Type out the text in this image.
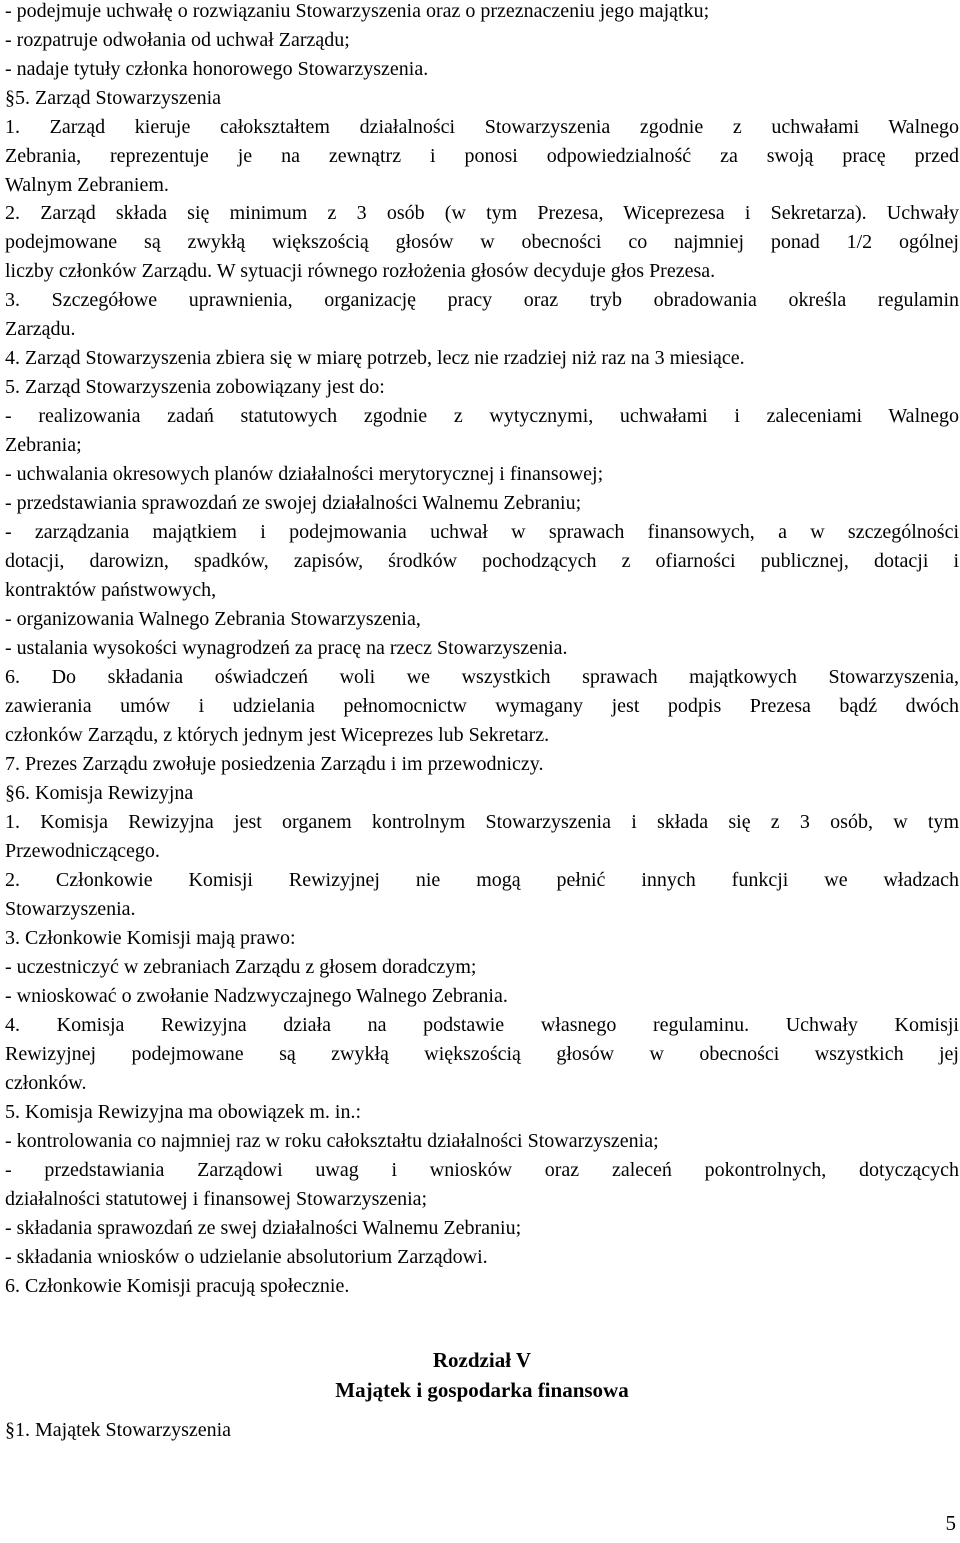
- podejmuje uchwałę o rozwiązaniu Stowarzyszenia oraz o przeznaczeniu jego majątku;
- rozpatruje odwołania od uchwał Zarządu;
- nadaje tytuły członka honorowego Stowarzyszenia.
§5. Zarząd Stowarzyszenia
1. Zarząd kieruje całokształtem działalności Stowarzyszenia zgodnie z uchwałami Walnego
Zebrania, reprezentuje je na zewnątrz i ponosi odpowiedzialność za swoją pracę przed
Walnym Zebraniem.
2. Zarząd składa się minimum z 3 osób (w tym Prezesa, Wiceprezesa i Sekretarza). Uchwały
podejmowane są zwykłą większością głosów w obecności co najmniej ponad 1/2 ogólnej
liczby członków Zarządu. W sytuacji równego rozłożenia głosów decyduje głos Prezesa.
3. Szczegółowe uprawnienia, organizację pracy oraz tryb obradowania określa regulamin
Zarządu.
4. Zarząd Stowarzyszenia zbiera się w miarę potrzeb, lecz nie rzadziej niż raz na 3 miesiące.
5. Zarząd Stowarzyszenia zobowiązany jest do:
- realizowania zadań statutowych zgodnie z wytycznymi, uchwałami i zaleceniami Walnego
Zebrania;
- uchwalania okresowych planów działalności merytorycznej i finansowej;
- przedstawiania sprawozdań ze swojej działalności Walnemu Zebraniu;
- zarządzania majątkiem i podejmowania uchwał w sprawach finansowych, a w szczególności
dotacji, darowizn, spadków, zapisów, środków pochodzących z ofiarności publicznej, dotacji i
kontraktów państwowych,
- organizowania Walnego Zebrania Stowarzyszenia,
- ustalania wysokości wynagrodzeń za pracę na rzecz Stowarzyszenia.
6. Do składania oświadczeń woli we wszystkich sprawach majątkowych Stowarzyszenia,
zawierania umów i udzielania pełnomocnictw wymagany jest podpis Prezesa bądź dwóch
członków Zarządu, z których jednym jest Wiceprezes lub Sekretarz.
7. Prezes Zarządu zwołuje posiedzenia Zarządu i im przewodniczy.
§6. Komisja Rewizyjna
1. Komisja Rewizyjna jest organem kontrolnym Stowarzyszenia i składa się z 3 osób, w tym
Przewodniczącego.
2. Członkowie Komisji Rewizyjnej nie mogą pełnić innych funkcji we władzach
Stowarzyszenia.
3. Członkowie Komisji mają prawo:
- uczestniczyć w zebraniach Zarządu z głosem doradczym;
- wnioskować o zwołanie Nadzwyczajnego Walnego Zebrania.
4. Komisja Rewizyjna działa na podstawie własnego regulaminu. Uchwały Komisji
Rewizyjnej podejmowane są zwykłą większością głosów w obecności wszystkich jej
członków.
5. Komisja Rewizyjna ma obowiązek m. in.:
- kontrolowania co najmniej raz w roku całokształtu działalności Stowarzyszenia;
- przedstawiania Zarządowi uwag i wniosków oraz zaleceń pokontrolnych, dotyczących
działalności statutowej i finansowej Stowarzyszenia;
- składania sprawozdań ze swej działalności Walnemu Zebraniu;
- składania wniosków o udzielanie absolutorium Zarządowi.
6. Członkowie Komisji pracują społecznie.
Rozdział V
Majątek i gospodarka finansowa
§1. Majątek Stowarzyszenia
5
